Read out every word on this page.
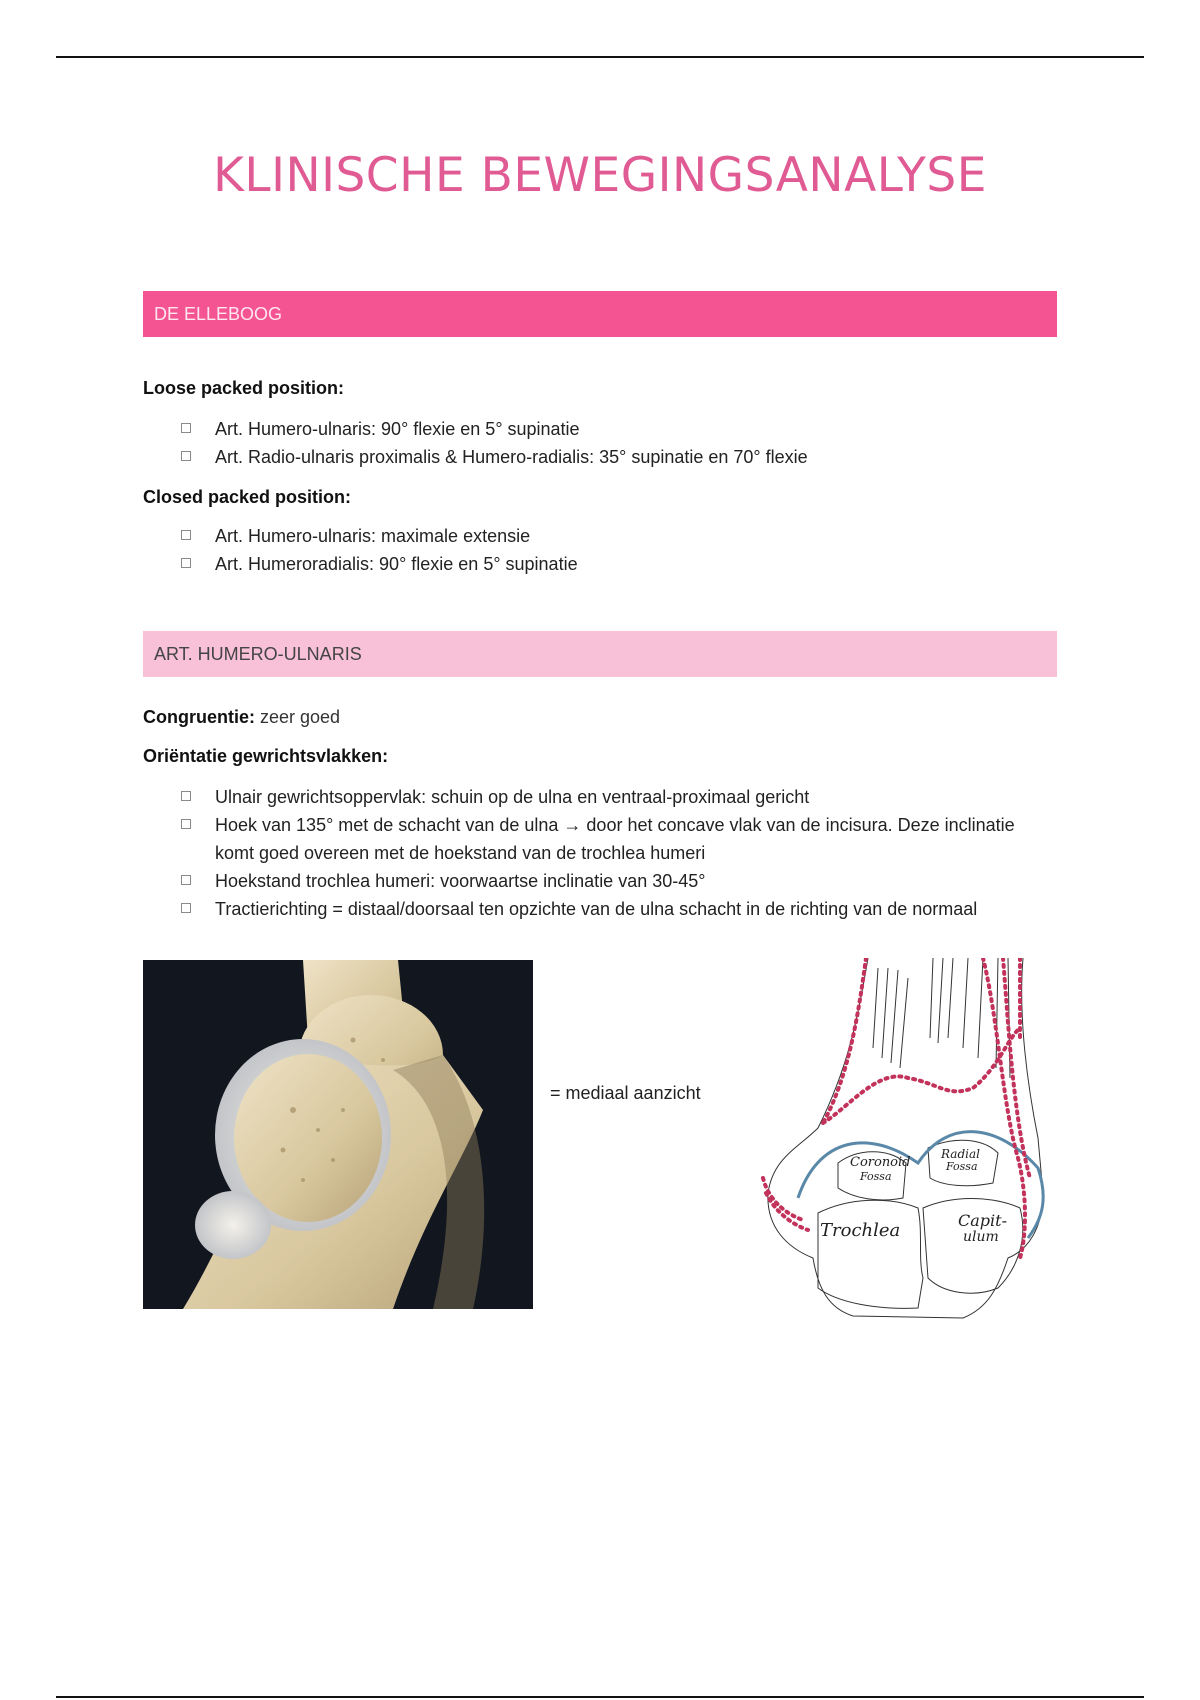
KLINISCHE BEWEGINGSANALYSE
DE ELLEBOOG
Loose packed position:
Art. Humero-ulnaris: 90° flexie en 5° supinatie
Art. Radio-ulnaris proximalis & Humero-radialis: 35° supinatie en 70° flexie
Closed packed position:
Art. Humero-ulnaris: maximale extensie
Art. Humeroradialis: 90° flexie en 5° supinatie
ART. HUMERO-ULNARIS
Congruentie: zeer goed
Oriëntatie gewrichtsvlakken:
Ulnair gewrichtsoppervlak: schuin op de ulna en ventraal-proximaal gericht
Hoek van 135° met de schacht van de ulna → door het concave vlak van de incisura. Deze inclinatie komt goed overeen met de hoekstand van de trochlea humeri
Hoekstand trochlea humeri: voorwaartse inclinatie van 30-45°
Tractierichting = distaal/doorsaal ten opzichte van de ulna schacht in de richting van de normaal
= mediaal aanzicht
Coronoid
Fossa
Radial
Fossa
Trochlea	Capit-
ulum
